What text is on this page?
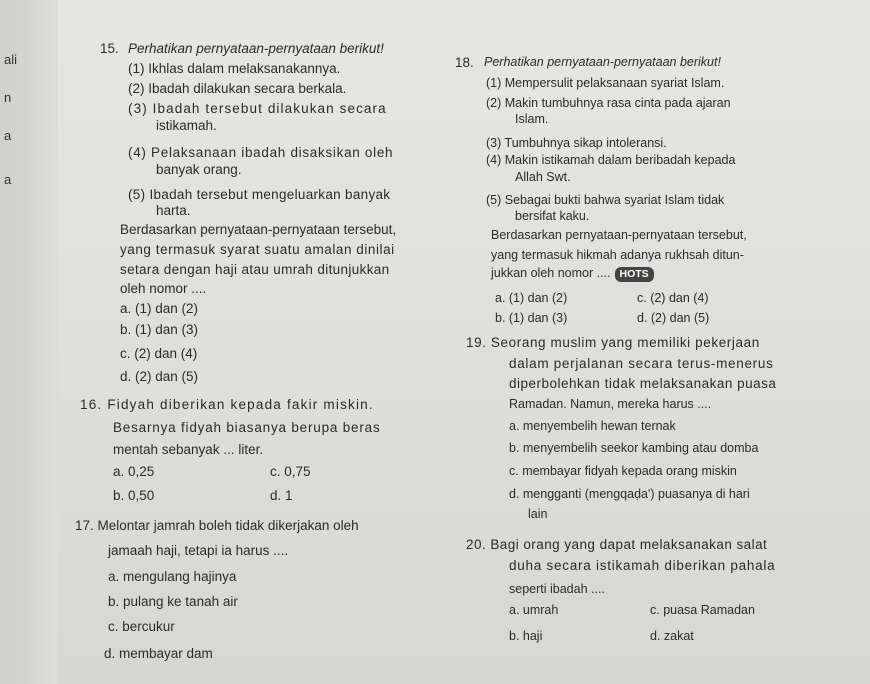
ali
n
a
a
15. Perhatikan pernyataan-pernyataan berikut!
(1) Ikhlas dalam melaksanakannya.
(2) Ibadah dilakukan secara berkala.
(3) Ibadah tersebut dilakukan secara
istikamah.
(4) Pelaksanaan ibadah disaksikan oleh
banyak orang.
(5) Ibadah tersebut mengeluarkan banyak
harta.
Berdasarkan pernyataan-pernyataan tersebut,
yang termasuk syarat suatu amalan dinilai
setara dengan haji atau umrah ditunjukkan
oleh nomor ....
a. (1) dan (2)
b. (1) dan (3)
c. (2) dan (4)
d. (2) dan (5)
16. Fidyah diberikan kepada fakir miskin.
Besarnya fidyah biasanya berupa beras
mentah sebanyak ... liter.
a. 0,25	c. 0,75
b. 0,50	d. 1
17. Melontar jamrah boleh tidak dikerjakan oleh
jamaah haji, tetapi ia harus ....
a. mengulang hajinya
b. pulang ke tanah air
c. bercukur
d. membayar dam
18. Perhatikan pernyataan-pernyataan berikut!
(1) Mempersulit pelaksanaan syariat Islam.
(2) Makin tumbuhnya rasa cinta pada ajaran
Islam.
(3) Tumbuhnya sikap intoleransi.
(4) Makin istikamah dalam beribadah kepada
Allah Swt.
(5) Sebagai bukti bahwa syariat Islam tidak
bersifat kaku.
Berdasarkan pernyataan-pernyataan tersebut,
yang termasuk hikmah adanya rukhsah ditun-
jukkan oleh nomor .... HOTS
a. (1) dan (2)	c. (2) dan (4)
b. (1) dan (3)	d. (2) dan (5)
19. Seorang muslim yang memiliki pekerjaan
dalam perjalanan secara terus-menerus
diperbolehkan tidak melaksanakan puasa
Ramadan. Namun, mereka harus ....
a. menyembelih hewan ternak
b. menyembelih seekor kambing atau domba
c. membayar fidyah kepada orang miskin
d. mengganti (mengqaḍa') puasanya di hari
lain
20. Bagi orang yang dapat melaksanakan salat
duha secara istikamah diberikan pahala
seperti ibadah ....
a. umrah	c. puasa Ramadan
b. haji	d. zakat
